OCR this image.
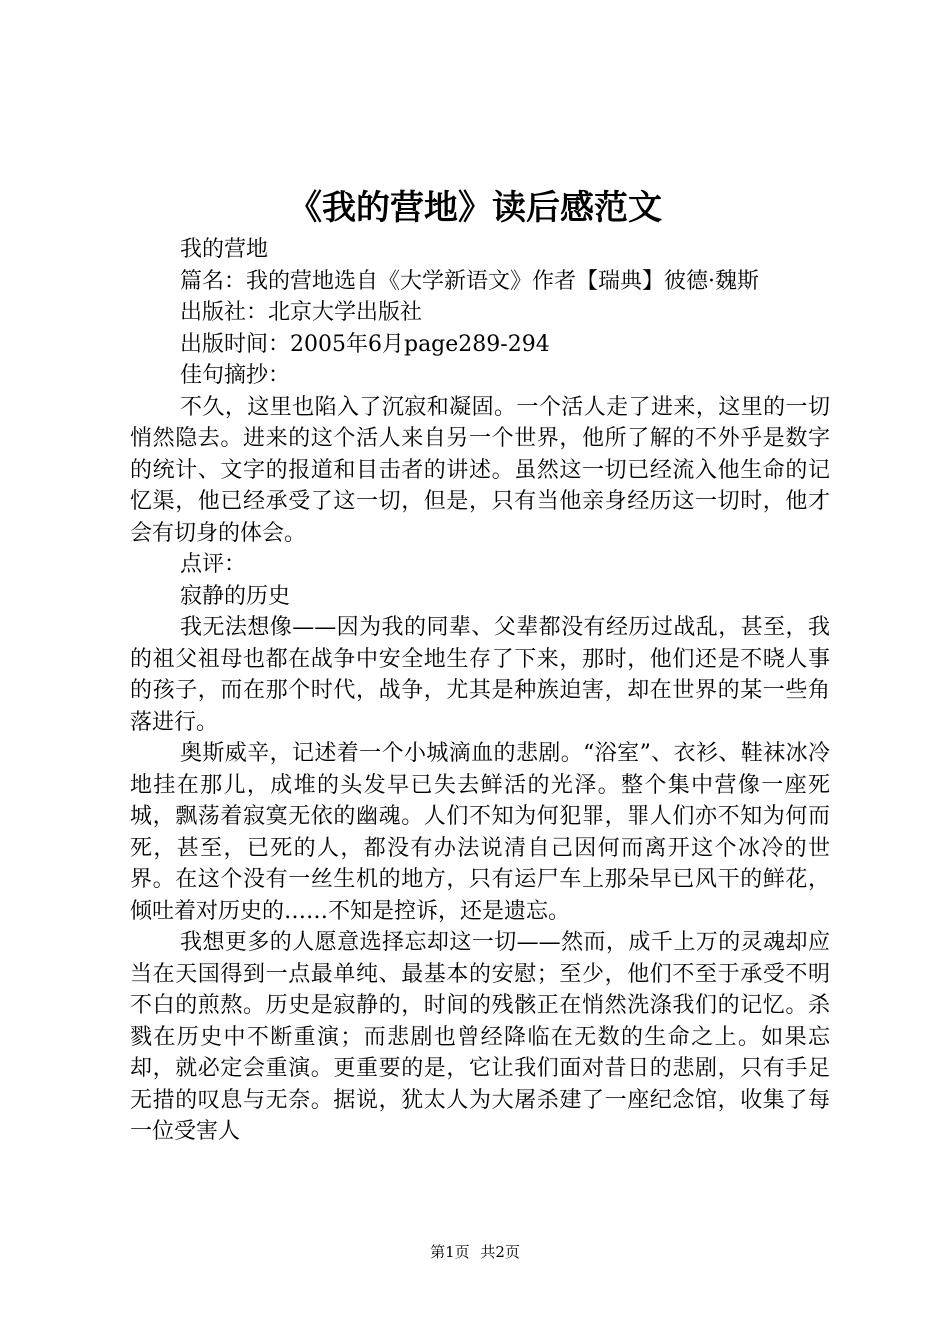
《我的营地》读后感范文

我的营地

篇名：我的营地选自《大学新语文》作者【瑞典】彼德·魏斯

出版社：北京大学出版社

出版时间：2005年6月page289-294

佳句摘抄：

不久，这里也陷入了沉寂和凝固。一个活人走了进来，这里的一切悄然隐去。进来的这个活人来自另一个世界，他所了解的不外乎是数字的统计、文字的报道和目击者的讲述。虽然这一切已经流入他生命的记忆渠，他已经承受了这一切，但是，只有当他亲身经历这一切时，他才会有切身的体会。

点评：

寂静的历史

我无法想像——因为我的同辈、父辈都没有经历过战乱，甚至，我的祖父祖母也都在战争中安全地生存了下来，那时，他们还是不晓人事的孩子，而在那个时代，战争，尤其是种族迫害，却在世界的某一些角落进行。

奥斯威辛，记述着一个小城滴血的悲剧。“浴室”、衣衫、鞋袜冰冷地挂在那儿，成堆的头发早已失去鲜活的光泽。整个集中营像一座死城，飘荡着寂寞无依的幽魂。人们不知为何犯罪，罪人们亦不知为何而死，甚至，已死的人，都没有办法说清自己因何而离开这个冰冷的世界。在这个没有一丝生机的地方，只有运尸车上那朵早已风干的鲜花，倾吐着对历史的……不知是控诉，还是遗忘。

我想更多的人愿意选择忘却这一切——然而，成千上万的灵魂却应当在天国得到一点最单纯、最基本的安慰；至少，他们不至于承受不明不白的煎熬。历史是寂静的，时间的残骸正在悄然洗涤我们的记忆。杀戮在历史中不断重演；而悲剧也曾经降临在无数的生命之上。如果忘却，就必定会重演。更重要的是，它让我们面对昔日的悲剧，只有手足无措的叹息与无奈。据说，犹太人为大屠杀建了一座纪念馆，收集了每一位受害人

第1页 共2页
